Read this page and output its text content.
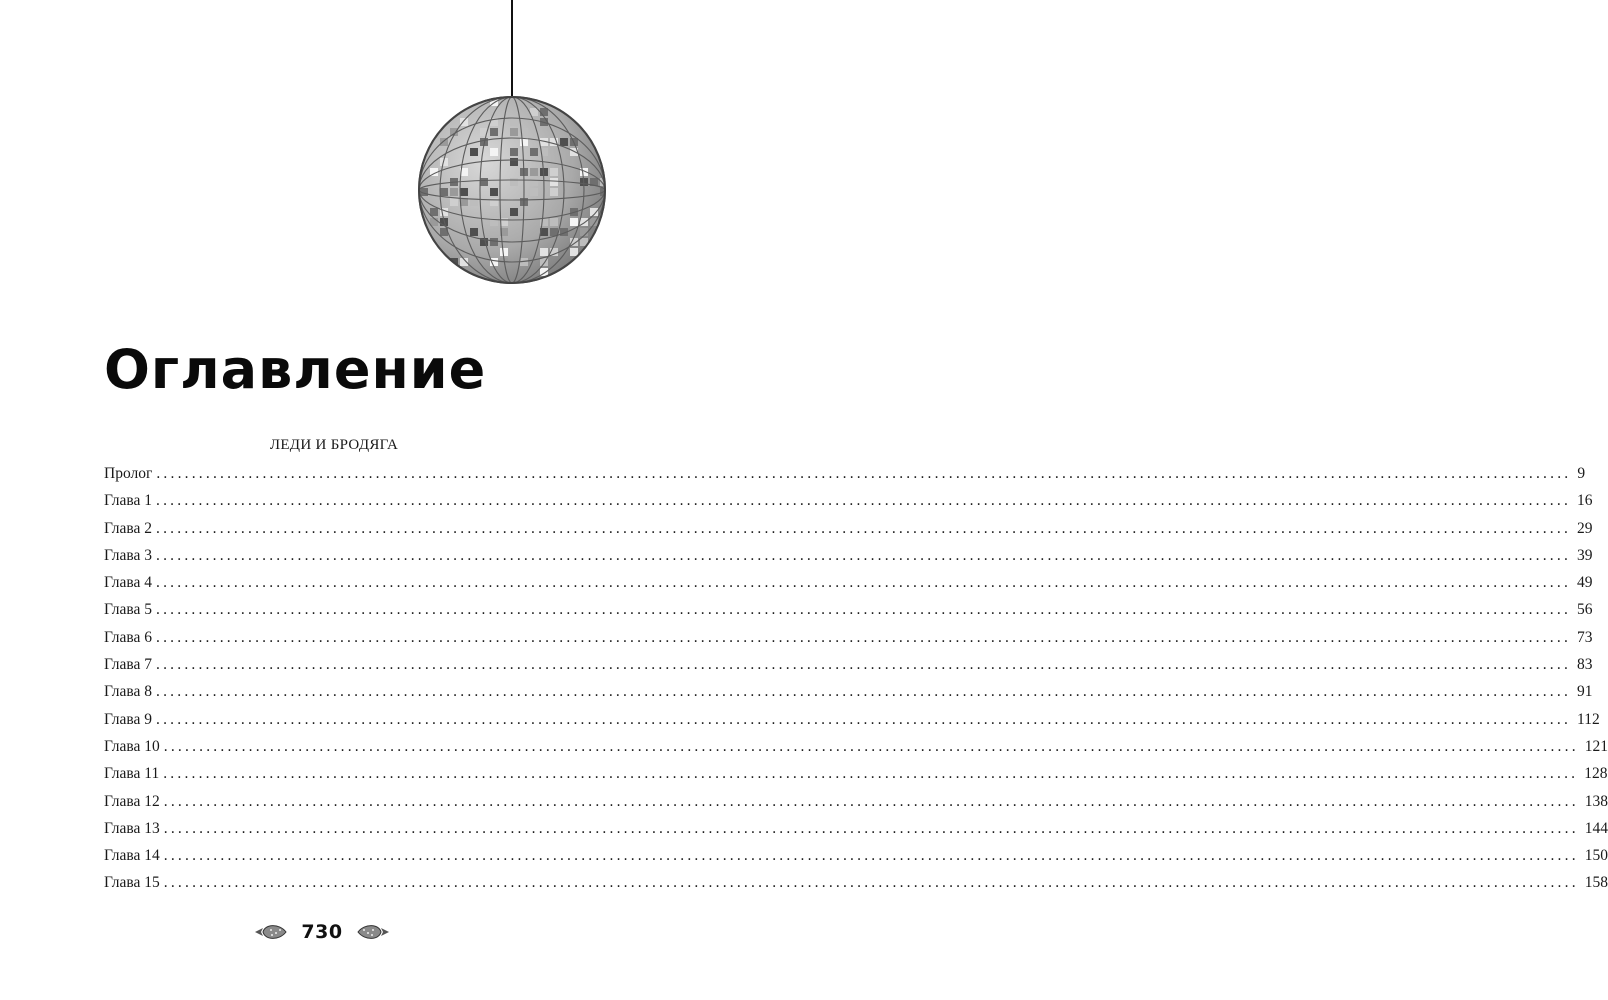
Оглавление
ЛЕДИ И БРОДЯГА
Пролог ........................................................................................................................................................................................................ 9
Глава 1 ........................................................................................................................................................................................................ 16
Глава 2 ........................................................................................................................................................................................................ 29
Глава 3 ........................................................................................................................................................................................................ 39
Глава 4 ........................................................................................................................................................................................................ 49
Глава 5 ........................................................................................................................................................................................................ 56
Глава 6 ........................................................................................................................................................................................................ 73
Глава 7 ........................................................................................................................................................................................................ 83
Глава 8 ........................................................................................................................................................................................................ 91
Глава 9 ........................................................................................................................................................................................................ 112
Глава 10 ........................................................................................................................................................................................................ 121
Глава 11 ........................................................................................................................................................................................................ 128
Глава 12 ........................................................................................................................................................................................................ 138
Глава 13 ........................................................................................................................................................................................................ 144
Глава 14 ........................................................................................................................................................................................................ 150
Глава 15 ........................................................................................................................................................................................................ 158
730
